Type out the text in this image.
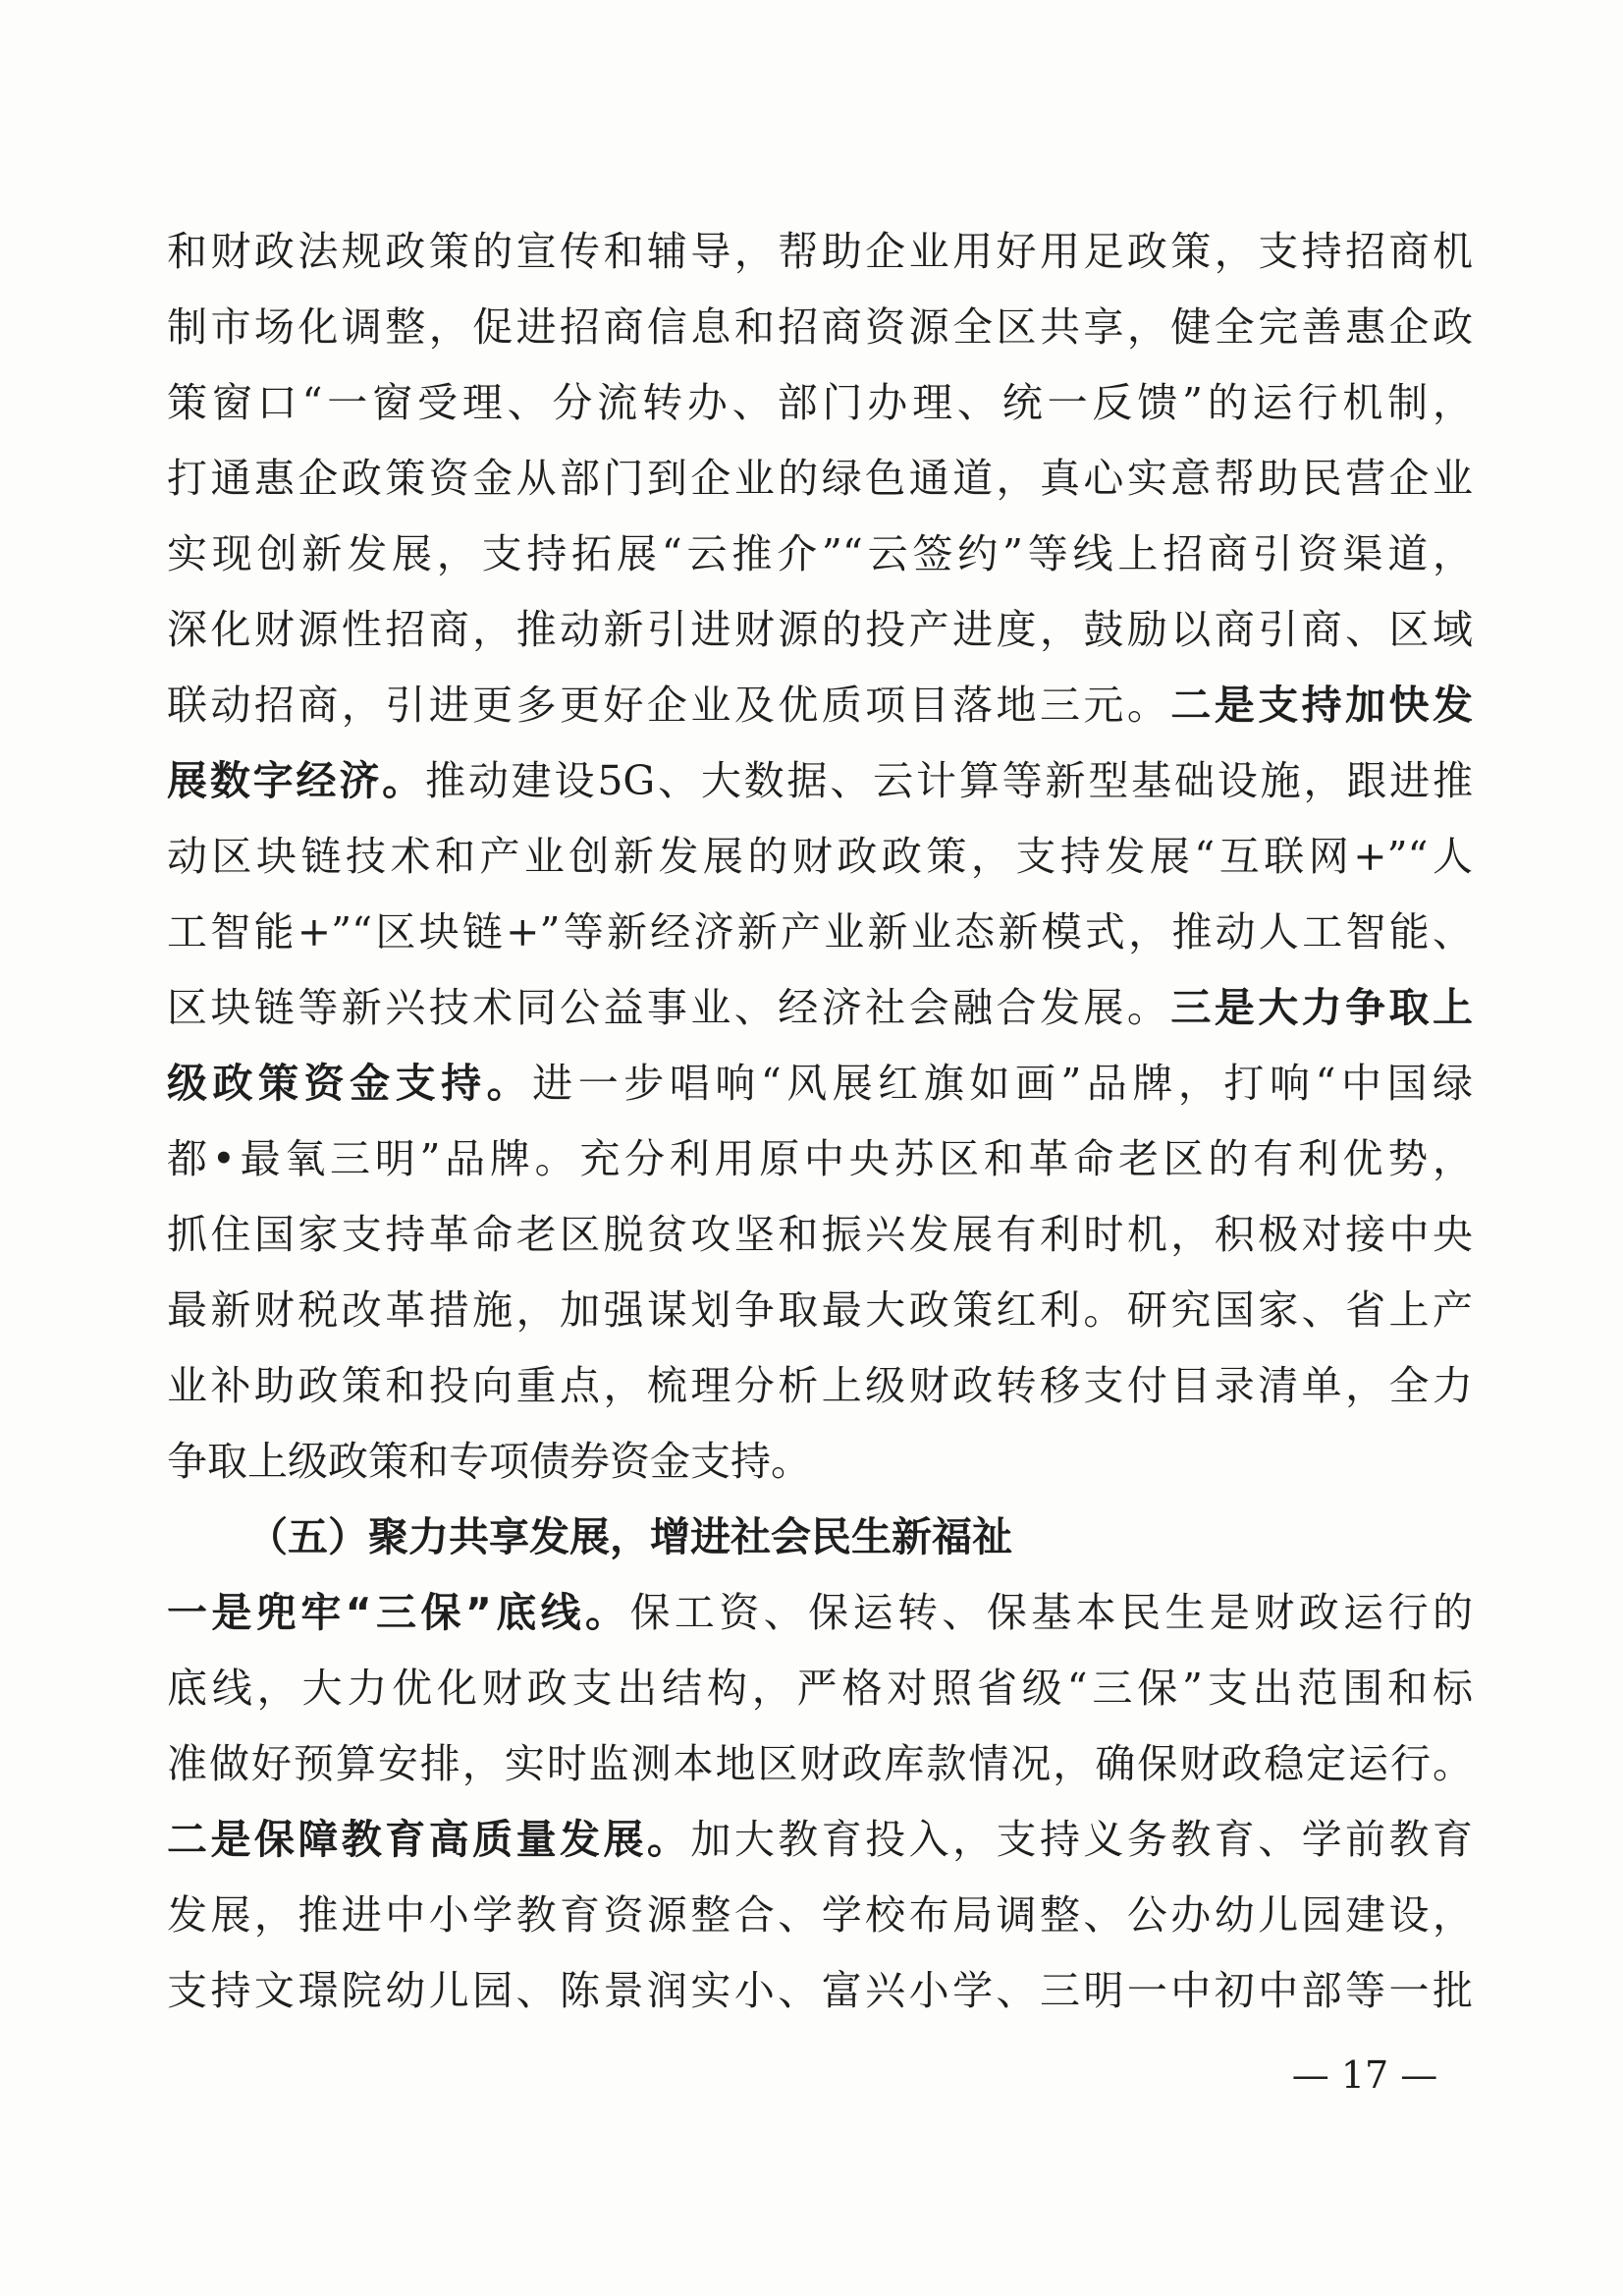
和财政法规政策的宣传和辅导，帮助企业用好用足政策，支持招商机
制市场化调整，促进招商信息和招商资源全区共享，健全完善惠企政
策窗口“一窗受理、分流转办、部门办理、统一反馈”的运行机制，
打通惠企政策资金从部门到企业的绿色通道，真心实意帮助民营企业
实现创新发展，支持拓展“云推介”“云签约”等线上招商引资渠道，
深化财源性招商，推动新引进财源的投产进度，鼓励以商引商、区域
联动招商，引进更多更好企业及优质项目落地三元。二是支持加快发
展数字经济。推动建设5G、大数据、云计算等新型基础设施，跟进推
动区块链技术和产业创新发展的财政政策，支持发展“互联网+”“人
工智能+”“区块链+”等新经济新产业新业态新模式，推动人工智能、
区块链等新兴技术同公益事业、经济社会融合发展。三是大力争取上
级政策资金支持。进一步唱响“风展红旗如画”品牌，打响“中国绿
都•最氧三明”品牌。充分利用原中央苏区和革命老区的有利优势，
抓住国家支持革命老区脱贫攻坚和振兴发展有利时机，积极对接中央
最新财税改革措施，加强谋划争取最大政策红利。研究国家、省上产
业补助政策和投向重点，梳理分析上级财政转移支付目录清单，全力
争取上级政策和专项债券资金支持。
（五）聚力共享发展，增进社会民生新福祉
一是兜牢“三保”底线。保工资、保运转、保基本民生是财政运行的
底线，大力优化财政支出结构，严格对照省级“三保”支出范围和标
准做好预算安排，实时监测本地区财政库款情况，确保财政稳定运行。
二是保障教育高质量发展。加大教育投入，支持义务教育、学前教育
发展，推进中小学教育资源整合、学校布局调整、公办幼儿园建设，
支持文璟院幼儿园、陈景润实小、富兴小学、三明一中初中部等一批
— 17 —
